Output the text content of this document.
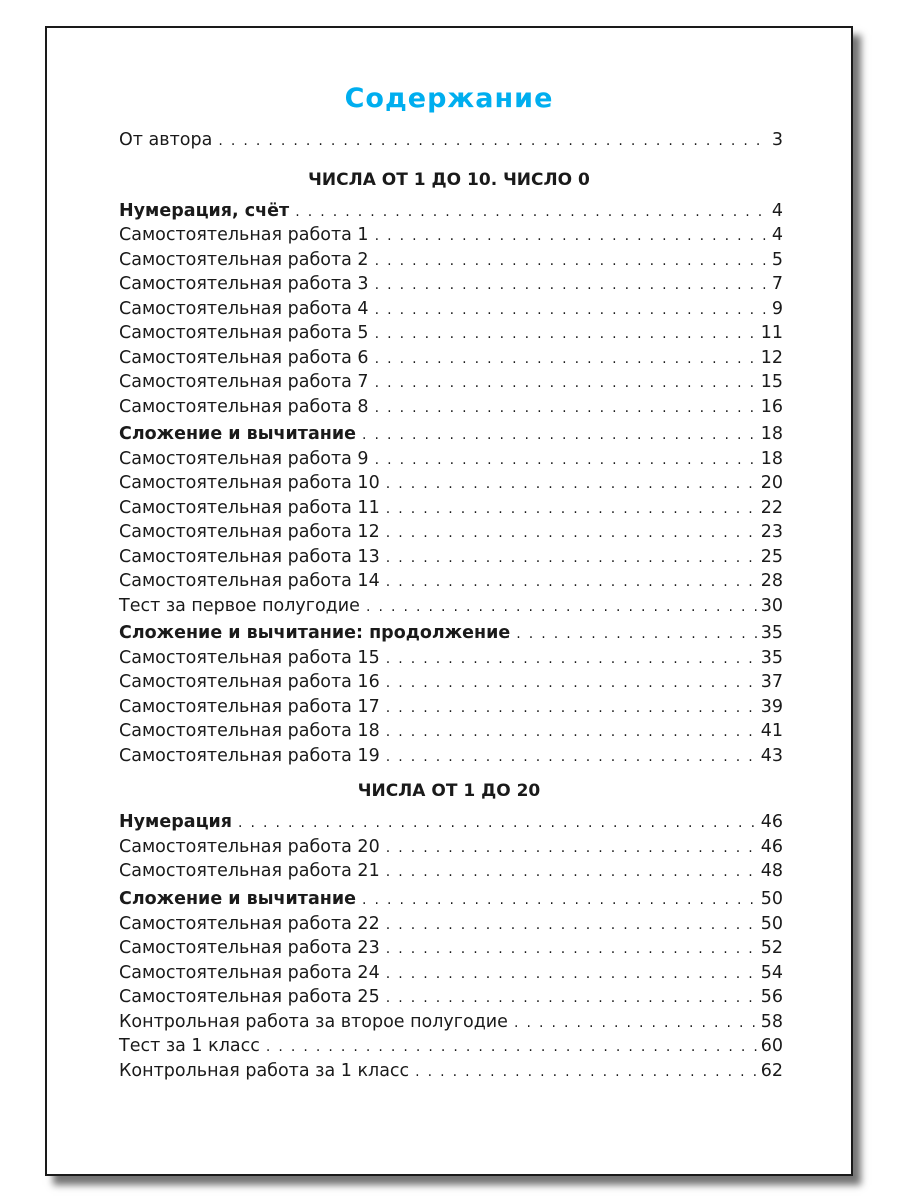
Содержание
От автора . . .	3
ЧИСЛА ОТ 1 ДО 10. ЧИСЛО 0
Нумерация, счёт . . .	4
Самостоятельная работа 1 . . .	4
Самостоятельная работа 2 . . .	5
Самостоятельная работа 3 . . .	7
Самостоятельная работа 4 . . .	9
Самостоятельная работа 5 . . .	11
Самостоятельная работа 6 . . .	12
Самостоятельная работа 7 . . .	15
Самостоятельная работа 8 . . .	16
Сложение и вычитание . . .	18
Самостоятельная работа 9 . . .	18
Самостоятельная работа 10 . . .	20
Самостоятельная работа 11 . . .	22
Самостоятельная работа 12 . . .	23
Самостоятельная работа 13 . . .	25
Самостоятельная работа 14 . . .	28
Тест за первое полугодие . . .	30
Сложение и вычитание: продолжение . . .	35
Самостоятельная работа 15 . . .	35
Самостоятельная работа 16 . . .	37
Самостоятельная работа 17 . . .	39
Самостоятельная работа 18 . . .	41
Самостоятельная работа 19 . . .	43
ЧИСЛА ОТ 1 ДО 20
Нумерация . . .	46
Самостоятельная работа 20 . . .	46
Самостоятельная работа 21 . . .	48
Сложение и вычитание . . .	50
Самостоятельная работа 22 . . .	50
Самостоятельная работа 23 . . .	52
Самостоятельная работа 24 . . .	54
Самостоятельная работа 25 . . .	56
Контрольная работа за второе полугодие . . .	58
Тест за 1 класс . . .	60
Контрольная работа за 1 класс . . .	62
